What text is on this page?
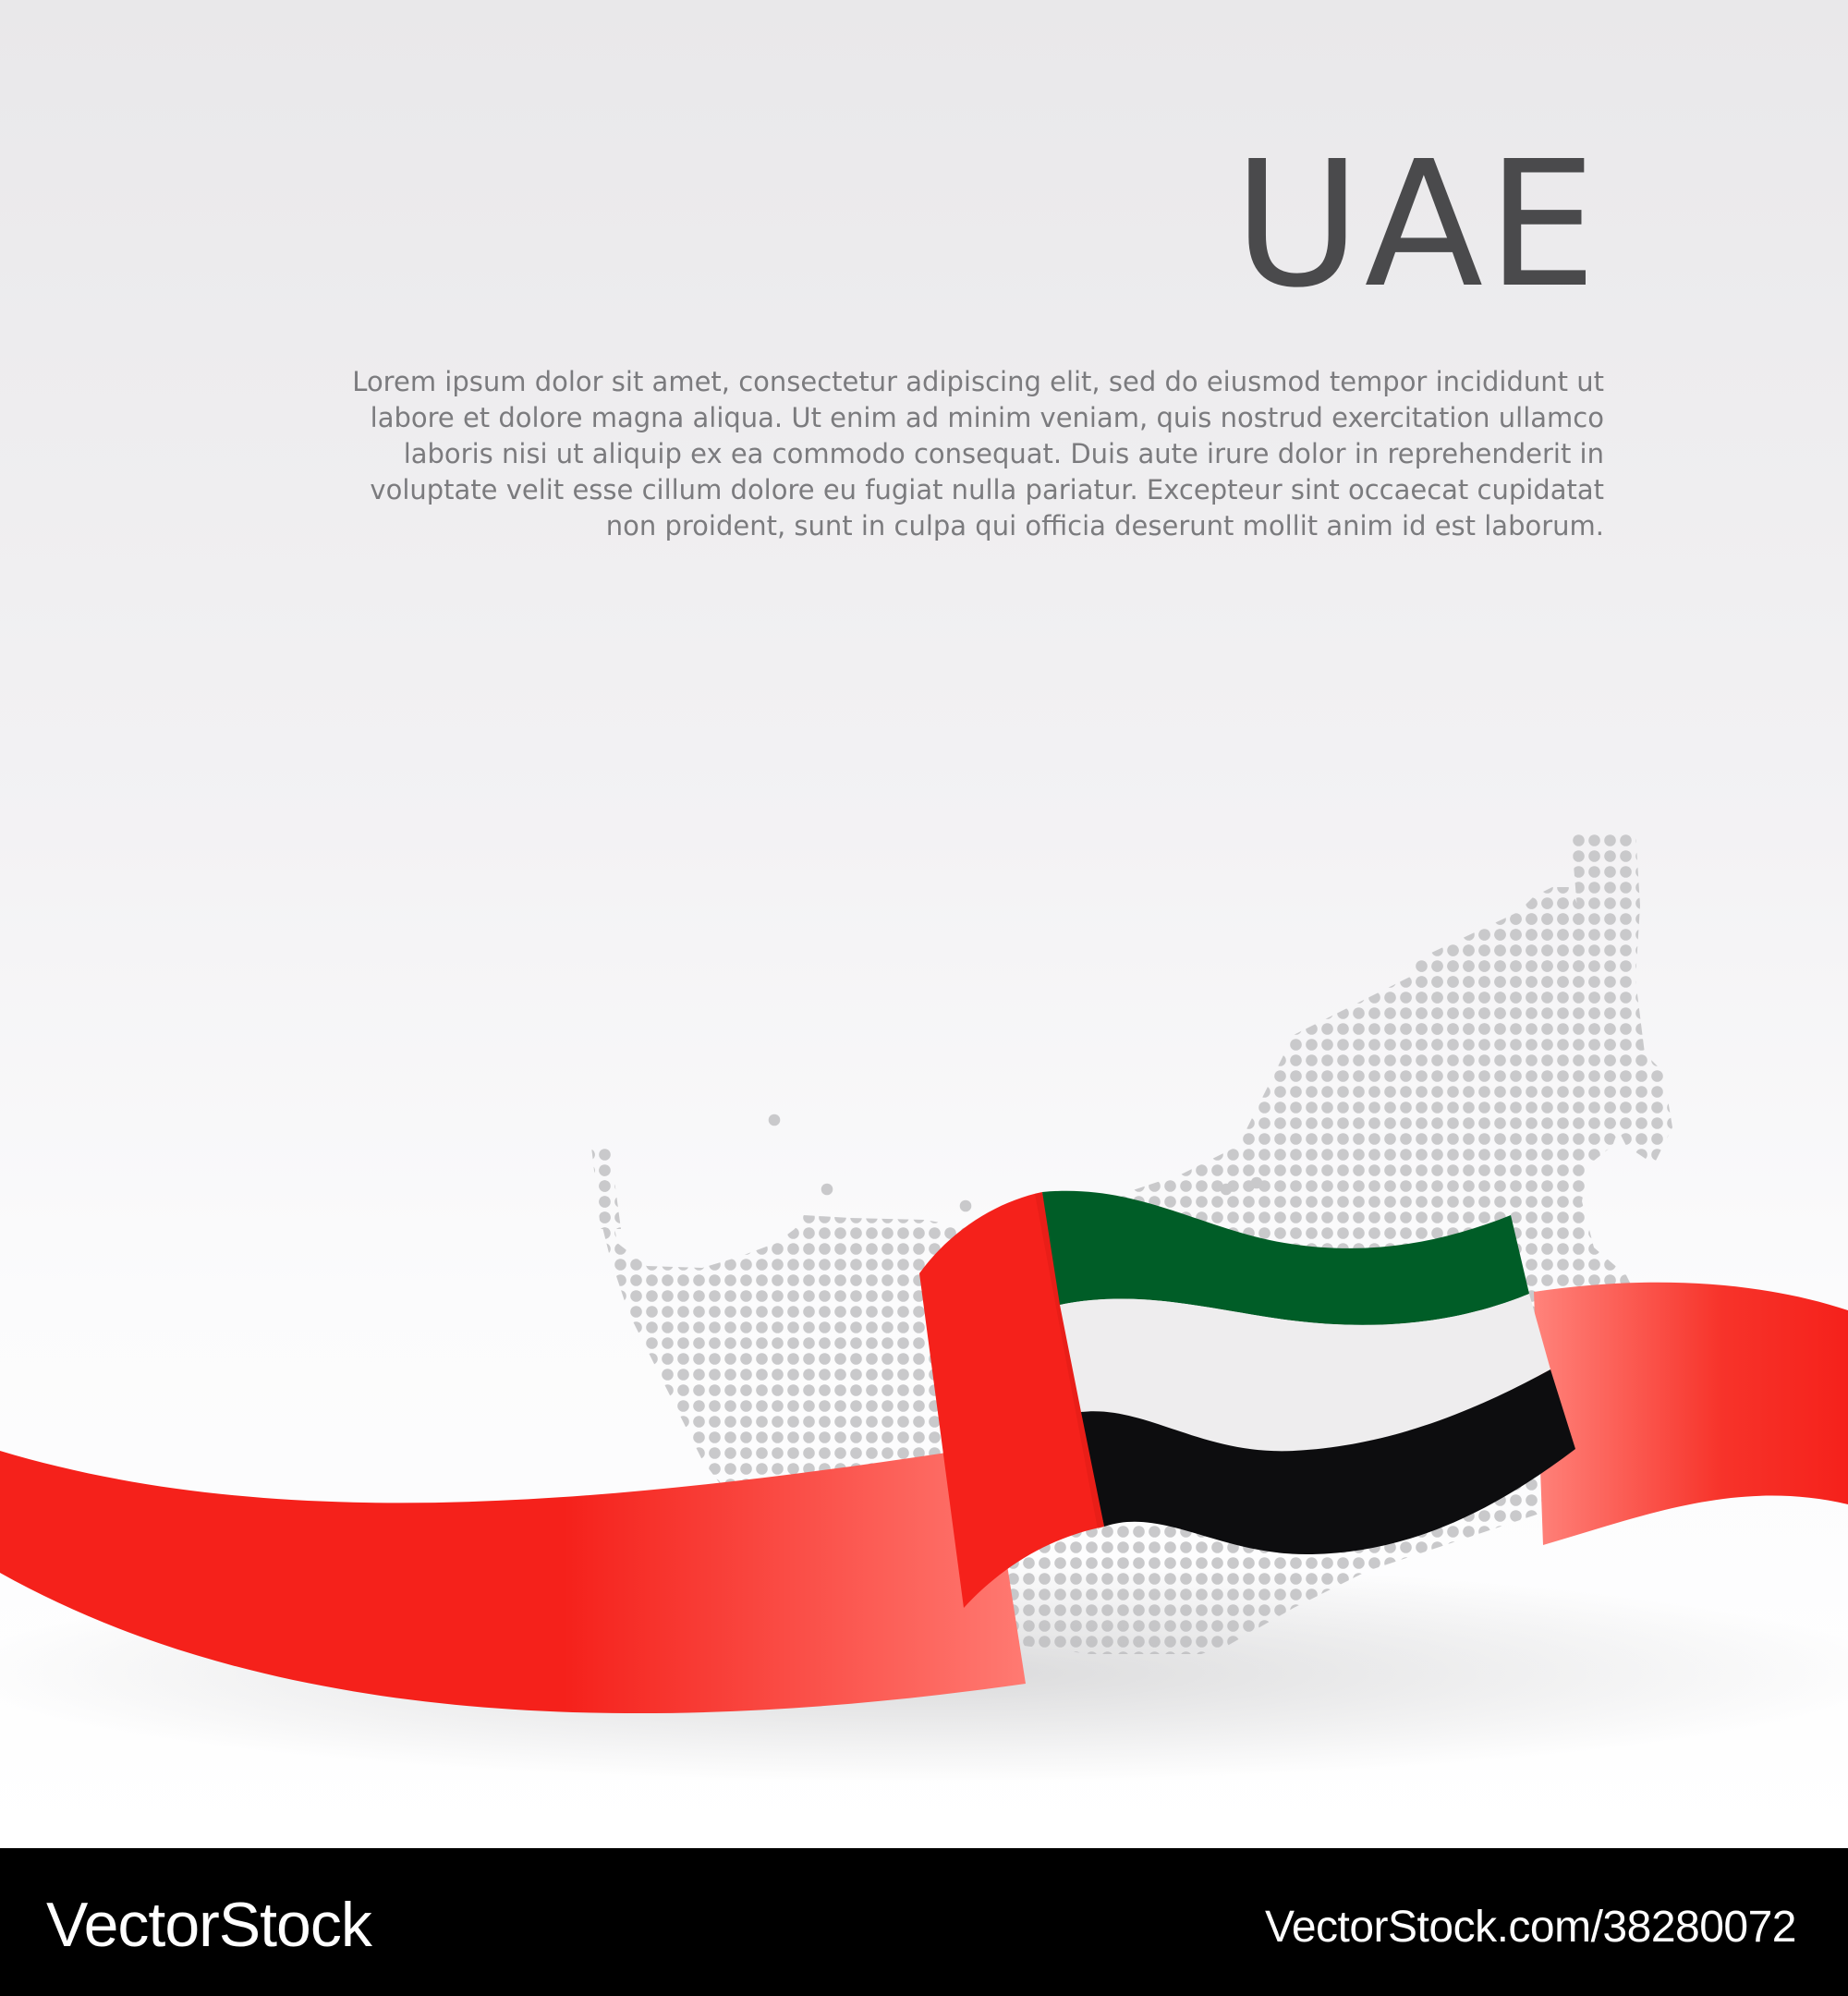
UAE
Lorem ipsum dolor sit amet, consectetur adipiscing elit, sed do eiusmod tempor incididunt ut
labore et dolore magna aliqua. Ut enim ad minim veniam, quis nostrud exercitation ullamco
laboris nisi ut aliquip ex ea commodo consequat. Duis aute irure dolor in reprehenderit in
voluptate velit esse cillum dolore eu fugiat nulla pariatur. Excepteur sint occaecat cupidatat
non proident, sunt in culpa qui officia deserunt mollit anim id est laborum.
VectorStock	VectorStock.com/38280072
